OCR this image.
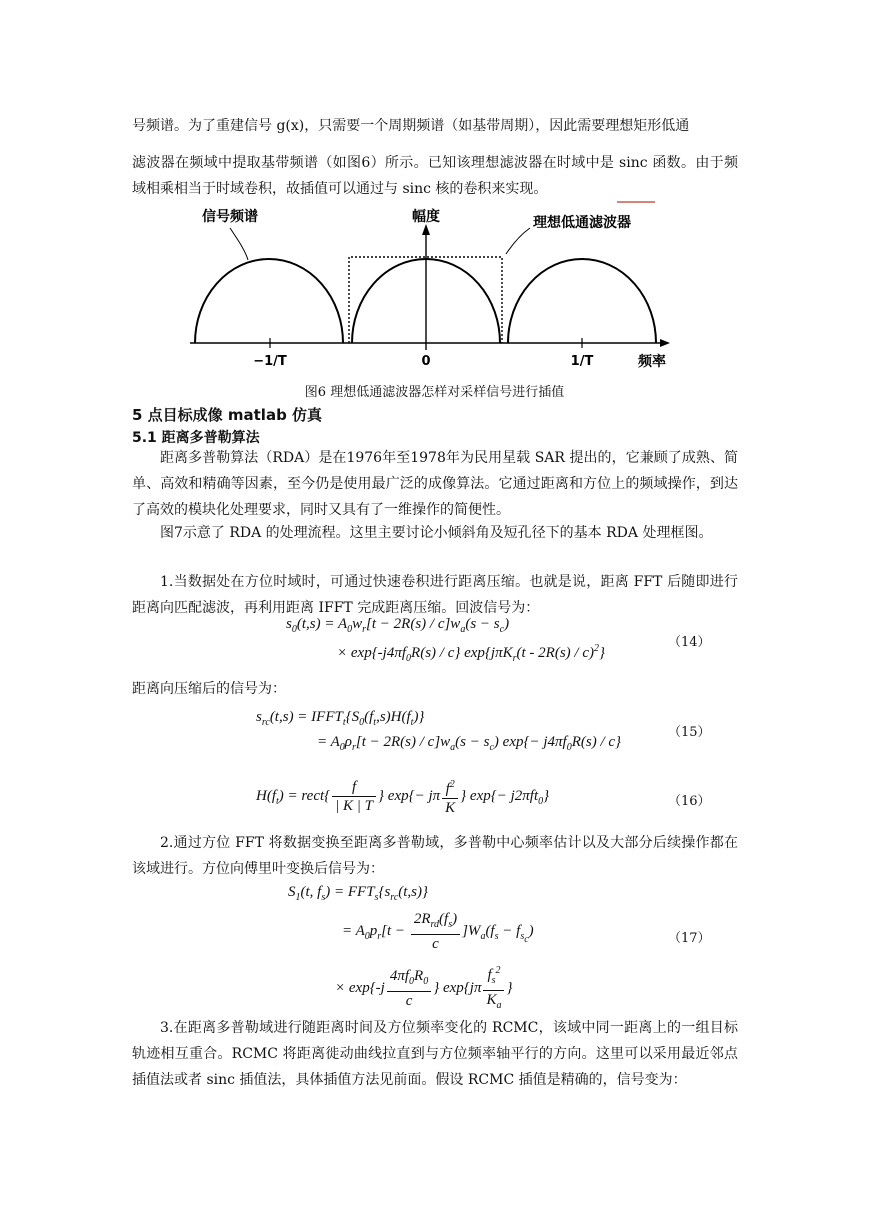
号频谱。为了重建信号 g(x)，只需要一个周期频谱（如基带周期），因此需要理想矩形低通
滤波器在频域中提取基带频谱（如图6）所示。已知该理想滤波器在时域中是 sinc 函数。由于频域相乘相当于时域卷积，故插值可以通过与 sinc 核的卷积来实现。
信号频谱	幅度	理想低通滤波器
−1/T	0	1/T	频率
图6 理想低通滤波器怎样对采样信号进行插值
5 点目标成像 matlab 仿真
5.1 距离多普勒算法
距离多普勒算法（RDA）是在1976年至1978年为民用星载 SAR 提出的，它兼顾了成熟、简单、高效和精确等因素，至今仍是使用最广泛的成像算法。它通过距离和方位上的频域操作，到达了高效的模块化处理要求，同时又具有了一维操作的简便性。
图7示意了 RDA 的处理流程。这里主要讨论小倾斜角及短孔径下的基本 RDA 处理框图。
1.当数据处在方位时域时，可通过快速卷积进行距离压缩。也就是说，距离 FFT 后随即进行距离向匹配滤波，再利用距离 IFFT 完成距离压缩。回波信号为：
$s_0(t,s) = A_0w_r[t - 2R(s) / c]w_a(s - s_c)$
× $\exp\{-j4\pi f_0R(s) / c\}$ exp{jπK$_r$(t - 2R(s) / c)$^2$}
（14）
距离向压缩后的信号为：
$s_{rc}(t,s)$ = $IFFT_t\{S_0(f_t,s)H(f_t)\}$
= $A_0\rho_r[t - 2R(s) / c]w_a(s - s_c)$ $\exp\{- j4\pi f_0R(s) / c\}$
（15）
$H(f_t)$ = rect{ $\frac{f}{| K | T}$ } exp{− jπ $\frac{f^2}{K}$ } exp{− j2πft$_0$}	（16）
2.通过方位 FFT 将数据变换至距离多普勒域，多普勒中心频率估计以及大部分后续操作都在该域进行。方位向傅里叶变换后信号为：
$S_1(t$, $f_s) = FFT_s\{s_{rc}(t,s)\}$
= $A_0p_r[t - \frac{2R_{rd}(f_s)}{c} ]W_a(f_s - f_{s_c})$	（17）
× $\exp\{-j \frac{4\pi f_0R_0}{c}$ } $\exp\{j\pi \frac{f_s^2}{K_a}$ }
3.在距离多普勒域进行随距离时间及方位频率变化的 RCMC，该域中同一距离上的一组目标轨迹相互重合。RCMC 将距离徙动曲线拉直到与方位频率轴平行的方向。这里可以采用最近邻点插值法或者 sinc 插值法，具体插值方法见前面。假设 RCMC 插值是精确的，信号变为：
